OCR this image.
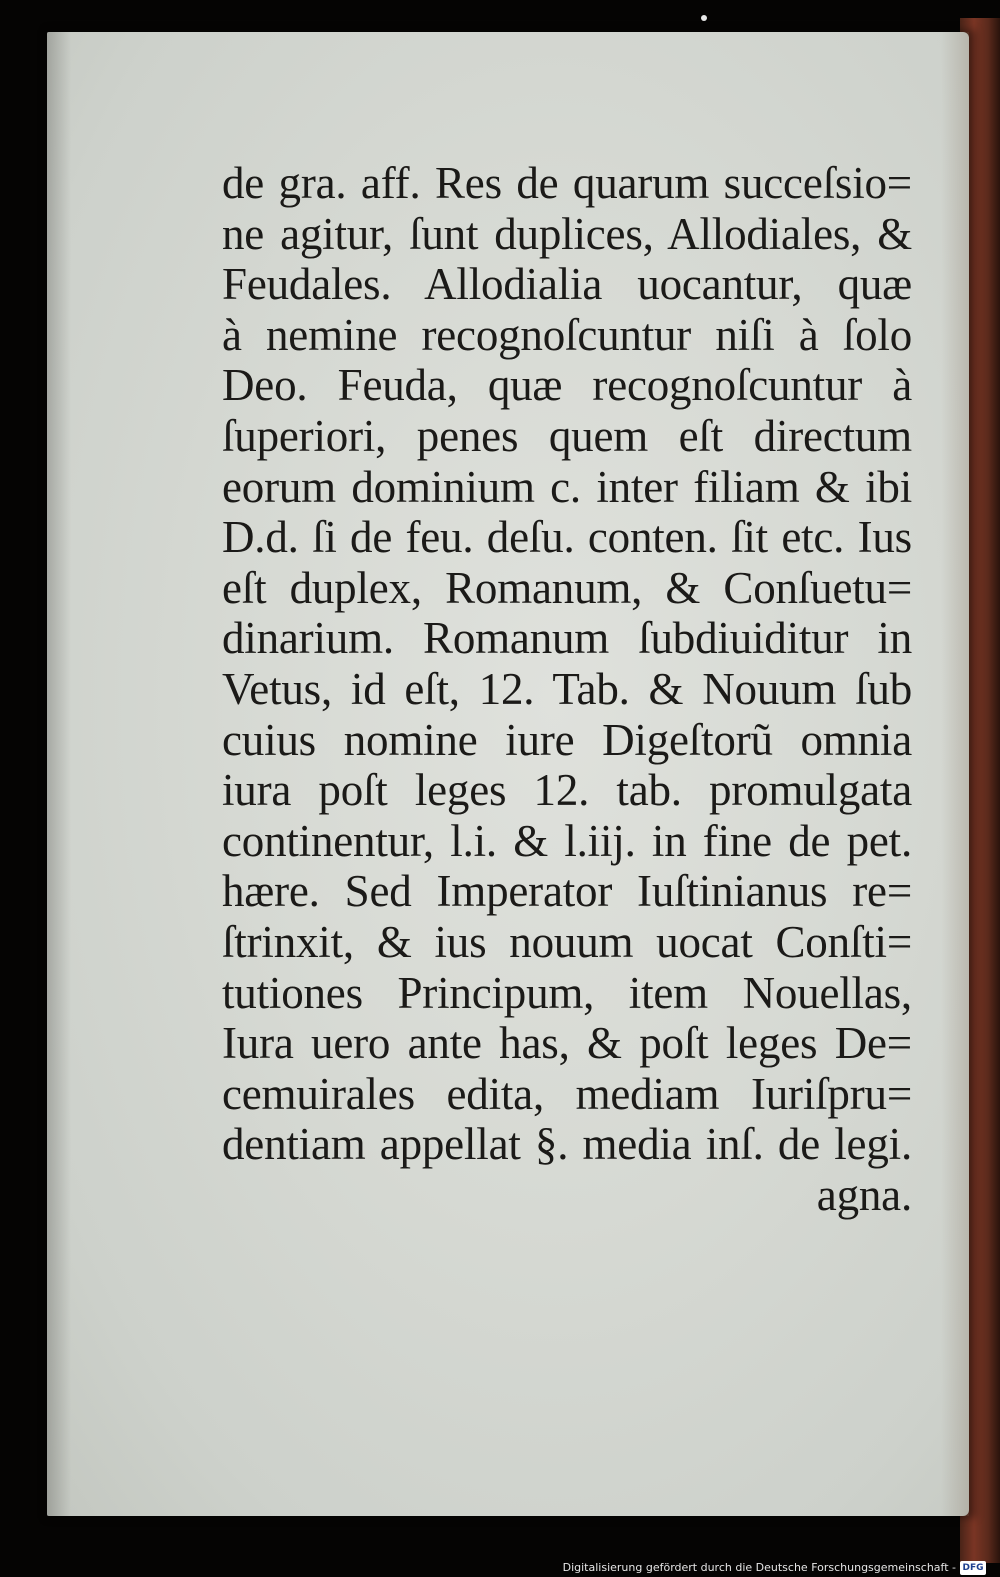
de gra. aff. Res de quarum succeſsio=
ne agitur, ſunt duplices, Allodiales, &
Feudales. Allodialia uocantur, quæ
à nemine recognoſcuntur niſi à ſolo
Deo. Feuda, quæ recognoſcuntur à
ſuperiori, penes quem eſt directum
eorum dominium c. inter filiam & ibi
D.d. ſi de feu. deſu. conten. ſit etc. Ius
eſt duplex, Romanum, & Conſuetu=
dinarium. Romanum ſubdiuiditur in
Vetus, id eſt, 12. Tab. & Nouum ſub
cuius nomine iure Digeſtorũ omnia
iura poſt leges 12. tab. promulgata
continentur, l.i. & l.iij. in fine de pet.
hære. Sed Imperator Iuſtinianus re=
ſtrinxit, & ius nouum uocat Conſti=
tutiones Principum, item Nouellas,
Iura uero ante has, & poſt leges De=
cemuirales edita, mediam Iuriſpru=
dentiam appellat §. media inſ. de legi.
agna.
Digitalisierung gefördert durch die Deutsche Forschungsgemeinschaft - DFG
